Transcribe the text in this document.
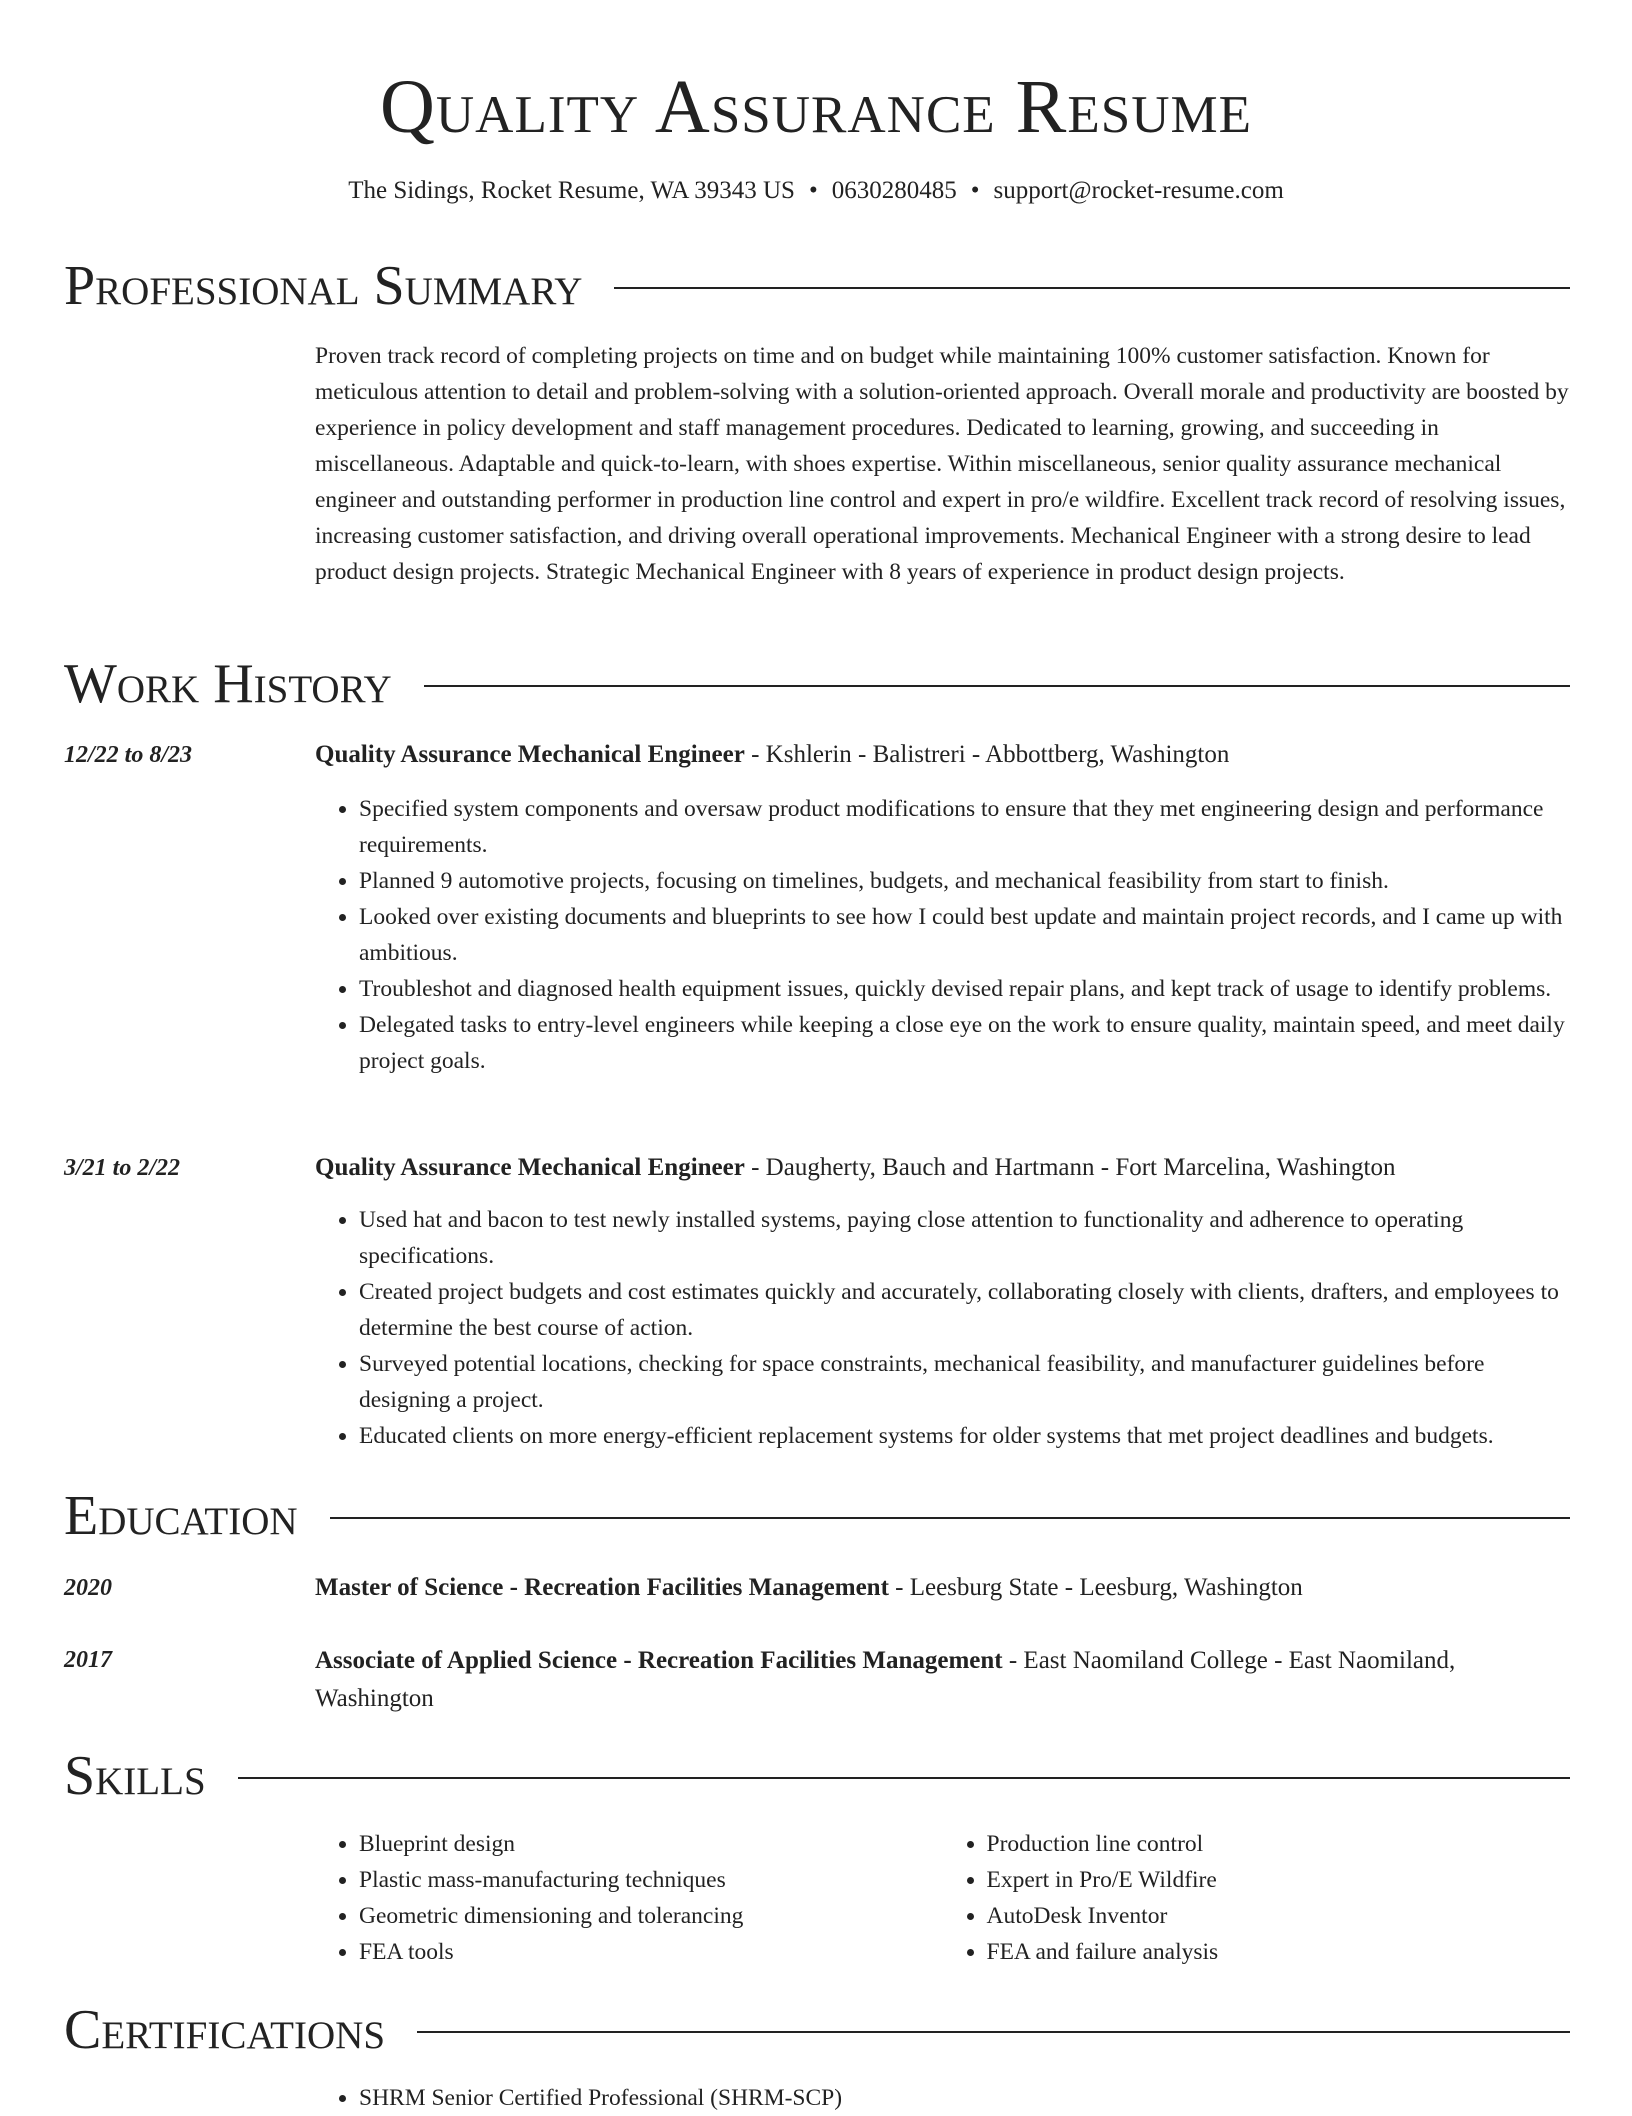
Quality Assurance Resume
The Sidings, Rocket Resume, WA 39343 US • 0630280485 • support@rocket-resume.com
Professional Summary
Proven track record of completing projects on time and on budget while maintaining 100% customer satisfaction. Known for meticulous attention to detail and problem-solving with a solution-oriented approach. Overall morale and productivity are boosted by experience in policy development and staff management procedures. Dedicated to learning, growing, and succeeding in miscellaneous. Adaptable and quick-to-learn, with shoes expertise. Within miscellaneous, senior quality assurance mechanical engineer and outstanding performer in production line control and expert in pro/e wildfire. Excellent track record of resolving issues, increasing customer satisfaction, and driving overall operational improvements. Mechanical Engineer with a strong desire to lead product design projects. Strategic Mechanical Engineer with 8 years of experience in product design projects.
Work History
12/22 to 8/23	Quality Assurance Mechanical Engineer - Kshlerin - Balistreri - Abbottberg, Washington
• Specified system components and oversaw product modifications to ensure that they met engineering design and performance requirements.
• Planned 9 automotive projects, focusing on timelines, budgets, and mechanical feasibility from start to finish.
• Looked over existing documents and blueprints to see how I could best update and maintain project records, and I came up with ambitious.
• Troubleshot and diagnosed health equipment issues, quickly devised repair plans, and kept track of usage to identify problems.
• Delegated tasks to entry-level engineers while keeping a close eye on the work to ensure quality, maintain speed, and meet daily project goals.
3/21 to 2/22	Quality Assurance Mechanical Engineer - Daugherty, Bauch and Hartmann - Fort Marcelina, Washington
• Used hat and bacon to test newly installed systems, paying close attention to functionality and adherence to operating specifications.
• Created project budgets and cost estimates quickly and accurately, collaborating closely with clients, drafters, and employees to determine the best course of action.
• Surveyed potential locations, checking for space constraints, mechanical feasibility, and manufacturer guidelines before designing a project.
• Educated clients on more energy-efficient replacement systems for older systems that met project deadlines and budgets.
Education
2020	Master of Science - Recreation Facilities Management - Leesburg State - Leesburg, Washington
2017	Associate of Applied Science - Recreation Facilities Management - East Naomiland College - East Naomiland, Washington
Skills
• Blueprint design
• Plastic mass-manufacturing techniques
• Geometric dimensioning and tolerancing
• FEA tools
• Production line control
• Expert in Pro/E Wildfire
• AutoDesk Inventor
• FEA and failure analysis
Certifications
• SHRM Senior Certified Professional (SHRM-SCP)
